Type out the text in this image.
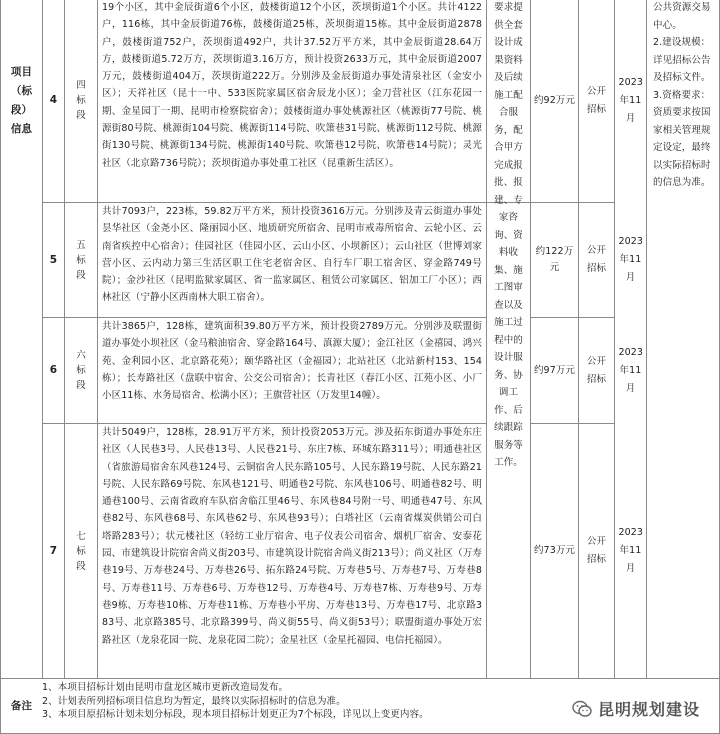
项目（标段）信息
4
四标段
19个小区，其中金辰街道6个小区，鼓楼街道12个小区，茨坝街道1个小区。共计4122户，116栋，其中金辰街道76栋，鼓楼街道25栋，茨坝街道15栋。其中金辰街道2878户，鼓楼街道752户，茨坝街道492户，共计37.52万平方米，其中金辰街道28.64万方，鼓楼街道5.72万方，茨坝街道3.16万方，预计投资2633万元，其中金辰街道2007万元，鼓楼街道404万，茨坝街道222万。分别涉及金辰街道办事处清泉社区（金安小区）；天祥社区（昆十一中、533医院家属区宿舍辰龙小区）；金刀营社区（江东花园一期、金星园丁一期、昆明市检察院宿舍）；鼓楼街道办事处桃源社区（桃源街77号院、桃源街80号院、桃源街104号院、桃源街114号院、吹箫巷31号院、桃源街112号院、桃源街130号院、桃源街134号院、桃源街140号院、吹箫巷12号院、吹箫巷14号院）；灵光社区（北京路736号院）；茨坝街道办事处重工社区（昆重新生活区）。
约92万元
公开招标
2023年11月
5
五标段
共计7093户，223栋，59.82万平方米，预计投资3616万元。分别涉及青云街道办事处昙华社区（金尧小区、隆丽园小区、地质研究所宿舍、昆明市戒毒所宿舍、云轮小区、云南省疾控中心宿舍）；佳园社区（佳园小区、云山小区、小坝新区）；云山社区（世博刘家营小区、云内动力第三生活区职工住宅老宿舍区、自行车厂职工宿舍区、穿金路749号院）；金沙社区（昆明监狱家属区、省一监家属区、租赁公司家属区、铝加工厂小区）；西林社区（宁静小区西南林大职工宿舍）。
约122万元
公开招标
2023年11月
6
六标段
共计3865户，128栋，建筑面积39.80万平方米，预计投资2789万元。分别涉及联盟街道办事处小坝社区（金马粮油宿舍、穿金路164号、滇源大厦）；金江社区（金禧园、鸿兴苑、金利园小区、北京路花苑）；颐华路社区（金福园）；北站社区（北站新村153、154栋）；长寿路社区（盘联中宿舍、公交公司宿舍）；长青社区（春江小区、江苑小区、小厂小区11栋、水务局宿舍、松满小区）；王旗营社区（万发里14幢）。
约97万元
公开招标
2023年11月
7
七标段
共计5049户，128栋，28.91万平方米，预计投资2053万元。涉及拓东街道办事处东庄社区（人民巷3号、人民巷13号、人民巷21号、东庄7栋、环城东路311号）；明通巷社区（省旅游局宿舍东风巷124号、云铜宿舍人民东路105号、人民东路19号院、人民东路21号院、人民东路69号院、东风巷121号、明通巷2号院、东风巷106号、明通巷82号、明通巷100号、云南省政府车队宿舍临江里46号、东风巷84号附一号、明通巷47号、东风巷82号、东风巷68号、东风巷62号、东风巷93号）；白塔社区（云南省煤炭供销公司白塔路283号）；状元楼社区（轻纺工业厅宿舍、电子仪表公司宿舍、烟机厂宿舍、安泰花园、市建筑设计院宿舍尚义街203号、市建筑设计院宿舍尚义街213号）；尚义社区（万寿巷19号、万寿巷24号、万寿巷26号、拓东路24号院、万寿巷5号、万寿巷7号、万寿巷8号、万寿巷11号、万寿巷6号、万寿巷12号、万寿巷4号、万寿巷7栋、万寿巷9号、万寿巷9栋、万寿巷10栋、万寿巷11栋、万寿巷小平房、万寿巷13号、万寿巷17号、北京路383号、北京路385号、北京路399号、尚义街55号、尚义街53号）；联盟街道办事处万宏路社区（龙泉花园一院、龙泉花园二院）；金星社区（金星托福园、电信托福园）。
约73万元
公开招标
2023年11月
要求提供全套设计成果资料及后续施工配合服务，配合甲方完成报批、报建、专家咨询、资料收集、施工图审查以及施工过程中的设计服务、协调工作、后续跟踪服务等工作。
公共资源交易中心。
2.建设规模：详见招标公告及招标文件。3.资格要求：资质要求按国家相关管理规定设定，最终以实际招标时的信息为准。
备注
1、本项目招标计划由昆明市盘龙区城市更新改造局发布。
2、计划表所列招标项目信息均为暂定，最终以实际招标时的信息为准。
3、本项目原招标计划未划分标段，现本项目招标计划更正为7个标段，详见以上变更内容。	昆明规划建设
